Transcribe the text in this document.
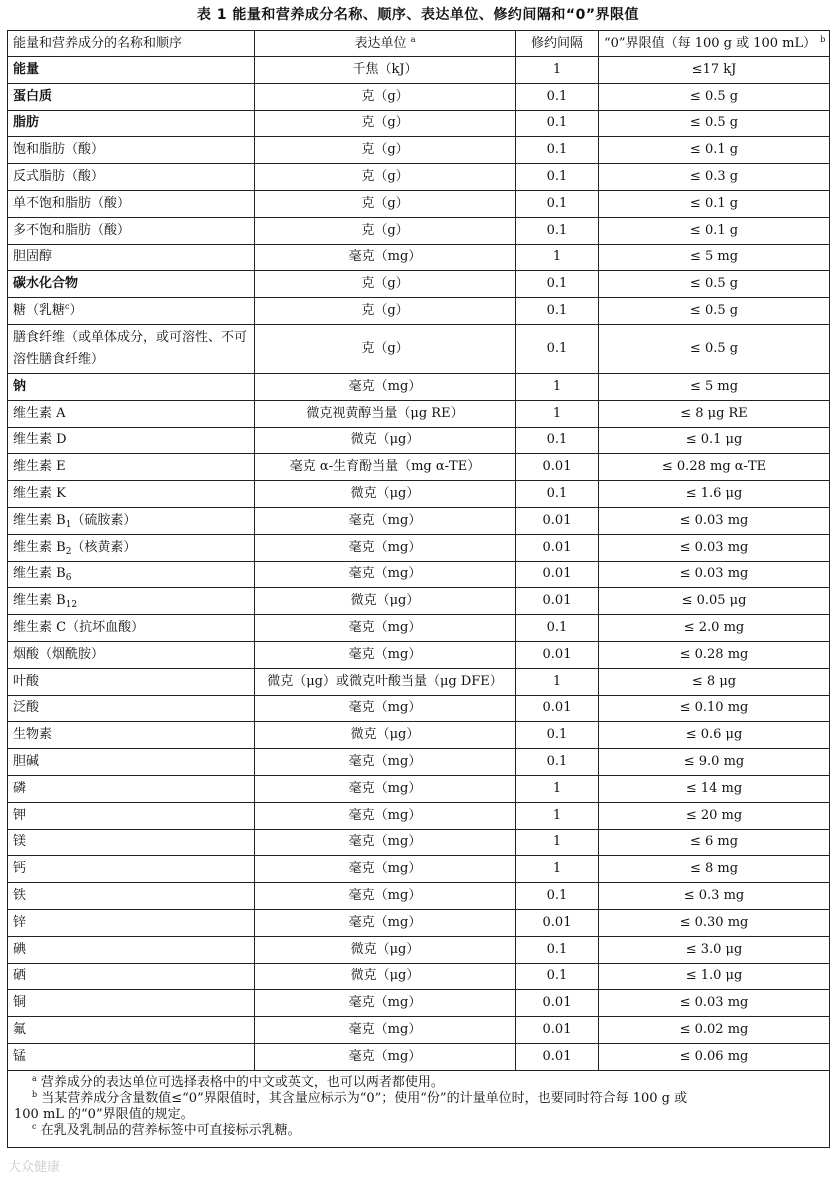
表 1 能量和营养成分名称、顺序、表达单位、修约间隔和“0”界限值
能量和营养成分的名称和顺序	表达单位 $^a$	修约间隔	“0”界限值（每 100 g 或 100 mL） $^b$
能量	千焦（kJ）	1	≤17 kJ
蛋白质	克（g）	0.1	≤ 0.5 g
脂肪	克（g）	0.1	≤ 0.5 g
饱和脂肪（酸）	克（g）	0.1	≤ 0.1 g
反式脂肪（酸）	克（g）	0.1	≤ 0.3 g
单不饱和脂肪（酸）	克（g）	0.1	≤ 0.1 g
多不饱和脂肪（酸）	克（g）	0.1	≤ 0.1 g
胆固醇	毫克（mg）	1	≤ 5 mg
碳水化合物	克（g）	0.1	≤ 0.5 g
糖（乳糖$^c$）	克（g）	0.1	≤ 0.5 g
膳食纤维（或单体成分，或可溶性、不可溶性膳食纤维）	克（g）	0.1	≤ 0.5 g
钠	毫克（mg）	1	≤ 5 mg
维生素 A	微克视黄醇当量（μg RE）	1	≤ 8 μg RE
维生素 D	微克（μg）	0.1	≤ 0.1 μg
维生素 E	毫克 α-生育酚当量（mg α-TE）	0.01	≤ 0.28 mg α-TE
维生素 K	微克（μg）	0.1	≤ 1.6 μg
维生素 $B_1$（硫胺素）	毫克（mg）	0.01	≤ 0.03 mg
维生素 $B_2$（核黄素）	毫克（mg）	0.01	≤ 0.03 mg
维生素 $B_6$	毫克（mg）	0.01	≤ 0.03 mg
维生素 $B_{12}$	微克（μg）	0.01	≤ 0.05 μg
维生素 C（抗坏血酸）	毫克（mg）	0.1	≤ 2.0 mg
烟酸（烟酰胺）	毫克（mg）	0.01	≤ 0.28 mg
叶酸	微克（μg）或微克叶酸当量（μg DFE）	1	≤ 8 μg
泛酸	毫克（mg）	0.01	≤ 0.10 mg
生物素	微克（μg）	0.1	≤ 0.6 μg
胆碱	毫克（mg）	0.1	≤ 9.0 mg
磷	毫克（mg）	1	≤ 14 mg
钾	毫克（mg）	1	≤ 20 mg
镁	毫克（mg）	1	≤ 6 mg
钙	毫克（mg）	1	≤ 8 mg
铁	毫克（mg）	0.1	≤ 0.3 mg
锌	毫克（mg）	0.01	≤ 0.30 mg
碘	微克（μg）	0.1	≤ 3.0 μg
硒	微克（μg）	0.1	≤ 1.0 μg
铜	毫克（mg）	0.01	≤ 0.03 mg
氟	毫克（mg）	0.01	≤ 0.02 mg
锰	毫克（mg）	0.01	≤ 0.06 mg

$^a$ 营养成分的表达单位可选择表格中的中文或英文，也可以两者都使用。
$^b$ 当某营养成分含量数值≤“0”界限值时，其含量应标示为“0”；使用“份”的计量单位时，也要同时符合每 100 g 或
100 mL 的“0”界限值的规定。
$^c$ 在乳及乳制品的营养标签中可直接标示乳糖。			
大众健康
